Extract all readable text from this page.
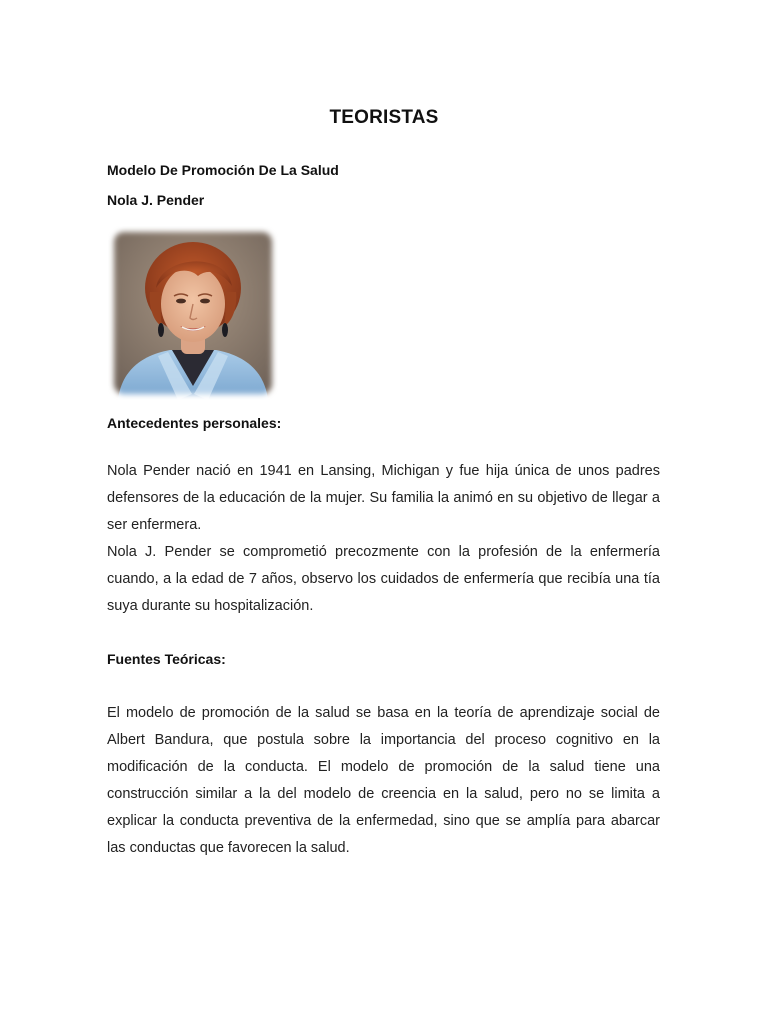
TEORISTAS
Modelo De Promoción De La Salud
Nola J. Pender
Antecedentes personales:
Nola Pender nació en 1941 en Lansing, Michigan y fue hija única de unos padres defensores de la educación de la mujer. Su familia la animó en su objetivo de llegar a ser enfermera.
Nola J. Pender se comprometió precozmente con la profesión de la enfermería cuando, a la edad de 7 años, observo los cuidados de enfermería que recibía una tía suya durante su hospitalización.
Fuentes Teóricas:
El modelo de promoción de la salud se basa en la teoría de aprendizaje social de Albert Bandura, que postula sobre la importancia del proceso cognitivo en la modificación de la conducta. El modelo de promoción de la salud tiene una construcción similar a la del modelo de creencia en la salud, pero no se limita a explicar la conducta preventiva de la enfermedad, sino que se amplía para abarcar las conductas que favorecen la salud.
